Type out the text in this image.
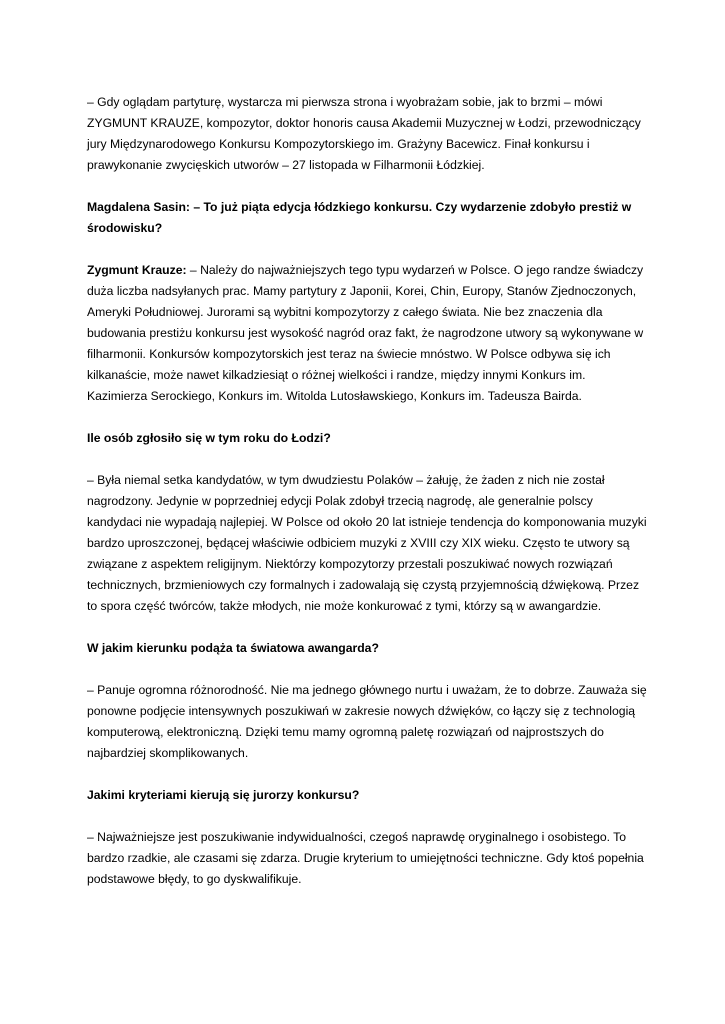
– Gdy oglądam partyturę, wystarcza mi pierwsza strona i wyobrażam sobie, jak to brzmi – mówi ZYGMUNT KRAUZE, kompozytor, doktor honoris causa Akademii Muzycznej w Łodzi, przewodniczący jury Międzynarodowego Konkursu Kompozytorskiego im. Grażyny Bacewicz. Finał konkursu i prawykonanie zwycięskich utworów – 27 listopada w Filharmonii Łódzkiej.

Magdalena Sasin: – To już piąta edycja łódzkiego konkursu. Czy wydarzenie zdobyło prestiż w środowisku?

Zygmunt Krauze: – Należy do najważniejszych tego typu wydarzeń w Polsce. O jego randze świadczy duża liczba nadsyłanych prac. Mamy partytury z Japonii, Korei, Chin, Europy, Stanów Zjednoczonych, Ameryki Południowej. Jurorami są wybitni kompozytorzy z całego świata. Nie bez znaczenia dla budowania prestiżu konkursu jest wysokość nagród oraz fakt, że nagrodzone utwory są wykonywane w filharmonii. Konkursów kompozytorskich jest teraz na świecie mnóstwo. W Polsce odbywa się ich kilkanaście, może nawet kilkadziesiąt o różnej wielkości i randze, między innymi Konkurs im. Kazimierza Serockiego, Konkurs im. Witolda Lutosławskiego, Konkurs im. Tadeusza Bairda.

Ile osób zgłosiło się w tym roku do Łodzi?

– Była niemal setka kandydatów, w tym dwudziestu Polaków – żałuję, że żaden z nich nie został nagrodzony. Jedynie w poprzedniej edycji Polak zdobył trzecią nagrodę, ale generalnie polscy kandydaci nie wypadają najlepiej. W Polsce od około 20 lat istnieje tendencja do komponowania muzyki bardzo uproszczonej, będącej właściwie odbiciem muzyki z XVIII czy XIX wieku. Często te utwory są związane z aspektem religijnym. Niektórzy kompozytorzy przestali poszukiwać nowych rozwiązań technicznych, brzmieniowych czy formalnych i zadowalają się czystą przyjemnością dźwiękową. Przez to spora część twórców, także młodych, nie może konkurować z tymi, którzy są w awangardzie.

W jakim kierunku podąża ta światowa awangarda?

– Panuje ogromna różnorodność. Nie ma jednego głównego nurtu i uważam, że to dobrze. Zauważa się ponowne podjęcie intensywnych poszukiwań w zakresie nowych dźwięków, co łączy się z technologią komputerową, elektroniczną. Dzięki temu mamy ogromną paletę rozwiązań od najprostszych do najbardziej skomplikowanych.

Jakimi kryteriami kierują się jurorzy konkursu?

– Najważniejsze jest poszukiwanie indywidualności, czegoś naprawdę oryginalnego i osobistego. To bardzo rzadkie, ale czasami się zdarza. Drugie kryterium to umiejętności techniczne. Gdy ktoś popełnia podstawowe błędy, to go dyskwalifikuje.
